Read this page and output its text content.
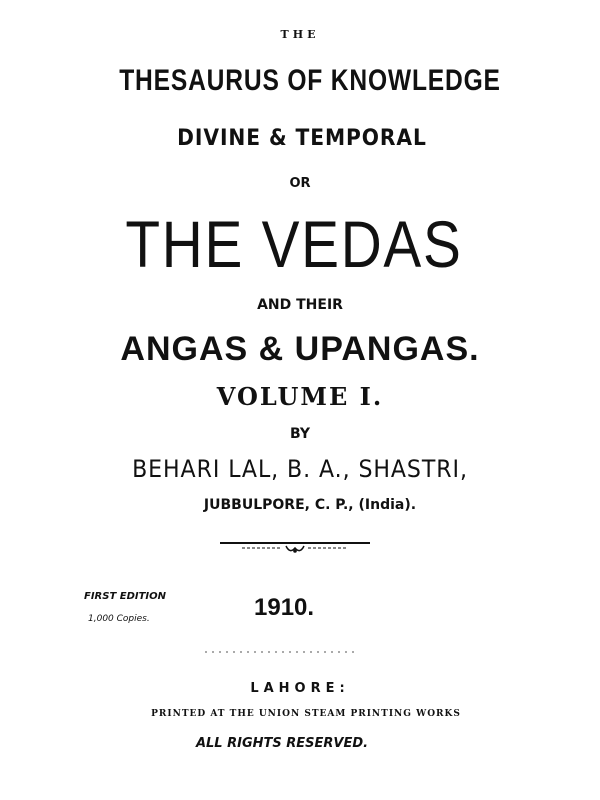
THE
THESAURUS OF KNOWLEDGE
DIVINE & TEMPORAL
OR
THE VEDAS
AND THEIR
ANGAS & UPANGAS.
VOLUME I.
BY
BEHARI LAL, B. A., SHASTRI,
JUBBULPORE, C. P., (India).
FIRST EDITION
1,000 Copies.	1910.
LAHORE:
PRINTED AT THE UNION STEAM PRINTING WORKS
ALL RIGHTS RESERVED.
